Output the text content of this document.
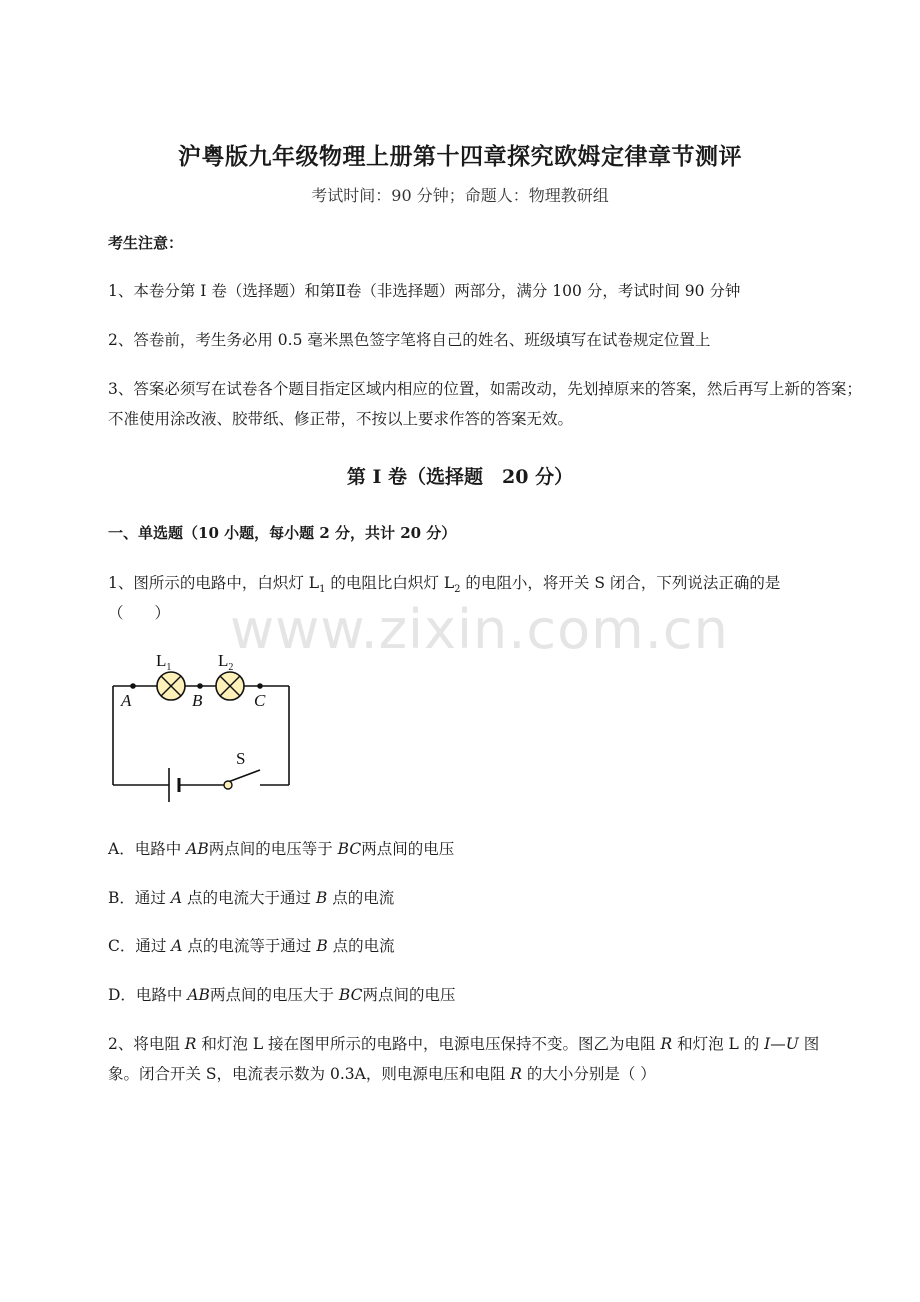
沪粤版九年级物理上册第十四章探究欧姆定律章节测评
考试时间：90 分钟；命题人：物理教研组
考生注意：
1、本卷分第 I 卷（选择题）和第Ⅱ卷（非选择题）两部分，满分 100 分，考试时间 90 分钟
2、答卷前，考生务必用 0.5 毫米黑色签字笔将自己的姓名、班级填写在试卷规定位置上
3、答案必须写在试卷各个题目指定区域内相应的位置，如需改动，先划掉原来的答案，然后再写上新的答案；不准使用涂改液、胶带纸、修正带，不按以上要求作答的答案无效。
第 I 卷（选择题　20 分）
一、单选题（10 小题，每小题 2 分，共计 20 分）
1、图所示的电路中，白炽灯 $L_1$ 的电阻比白炽灯 $L_2$ 的电阻小，将开关 S 闭合，下列说法正确的是
（　　） www.zixin.com.cn
$L_1$	$L_2$
A	B	C
S
A．电路中 AB两点间的电压等于 BC两点间的电压
B．通过 A 点的电流大于通过 B 点的电流
C．通过 A 点的电流等于通过 B 点的电流
D．电路中 AB两点间的电压大于 BC两点间的电压
2、将电阻 R 和灯泡 L 接在图甲所示的电路中，电源电压保持不变。图乙为电阻 R 和灯泡 L 的 I—U 图
象。闭合开关 S，电流表示数为 0.3A，则电源电压和电阻 R 的大小分别是（ ）
